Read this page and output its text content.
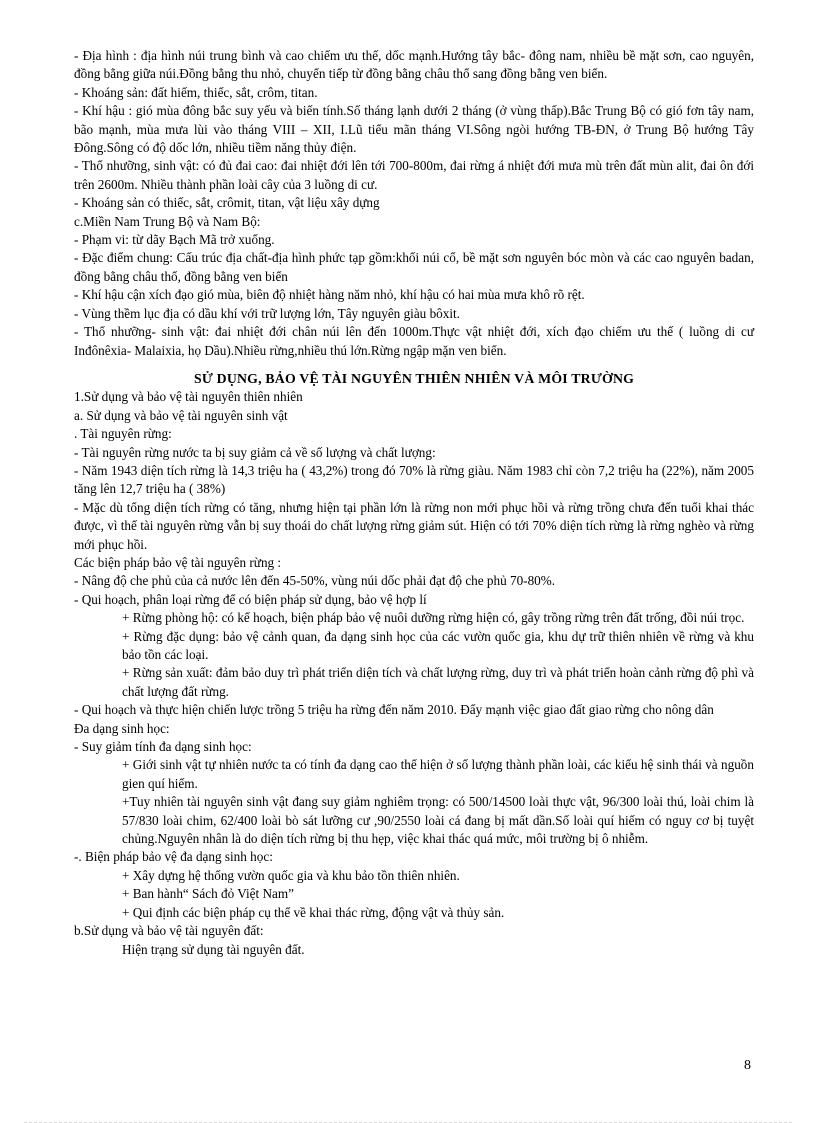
- Địa hình : địa hình núi trung bình và cao chiếm ưu thế, dốc mạnh.Hướng tây bắc- đông nam, nhiều bề mặt sơn, cao nguyên, đồng bằng giữa núi.Đồng bằng thu nhỏ, chuyển tiếp từ đồng bằng châu thổ sang đồng bằng ven biển.

- Khoáng sản: đất hiếm, thiếc, sắt, crôm, titan.

- Khí hậu : gió mùa đông bắc suy yếu và biến tính.Số tháng lạnh dưới 2 tháng (ở vùng thấp).Bắc Trung Bộ có gió fơn tây nam, bão mạnh, mùa mưa lùi vào tháng VIII – XII, I.Lũ tiểu mãn tháng VI.Sông ngòi hướng TB-ĐN, ở Trung Bộ hướng Tây Đông.Sông có độ dốc lớn, nhiều tiềm năng thủy điện.

- Thổ nhưỡng, sinh vật: có đủ đai cao: đai nhiệt đới lên tới 700-800m, đai rừng á nhiệt đới mưa mù trên đất mùn alit, đai ôn đới trên 2600m. Nhiều thành phần loài cây của 3 luồng di cư.

- Khoáng sản có thiếc, sắt, crômit, titan, vật liệu xây dựng

c.Miền Nam Trung Bộ và Nam Bộ:

- Phạm vi: từ dãy Bạch Mã trở xuống.

- Đặc điểm chung: Cấu trúc địa chất-địa hình phức tạp gồm:khối núi cổ, bề mặt sơn nguyên bóc mòn và các cao nguyên badan, đồng bằng châu thổ, đồng bằng ven biển

- Khí hậu cận xích đạo gió mùa, biên độ nhiệt hàng năm nhỏ, khí hậu có hai mùa mưa khô rõ rệt.

- Vùng thềm lục địa có dầu khí với trữ lượng lớn, Tây nguyên giàu bôxit.

- Thổ nhưỡng- sinh vật: đai nhiệt đới chân núi lên đến 1000m.Thực vật nhiệt đới, xích đạo chiếm ưu thế ( luồng di cư Inđônêxia- Malaixia, họ Dầu).Nhiều rừng,nhiều thú lớn.Rừng ngập mặn ven biển.

SỬ DỤNG, BẢO VỆ TÀI NGUYÊN THIÊN NHIÊN VÀ MÔI TRƯỜNG

1.Sử dụng và bảo vệ tài nguyên thiên nhiên

a. Sử dụng và bảo vệ tài nguyên sinh vật

. Tài nguyên rừng:

- Tài nguyên rừng nước ta bị suy giảm cả về số lượng và chất lượng:

- Năm 1943 diện tích rừng là 14,3 triệu ha ( 43,2%) trong đó 70% là rừng giàu. Năm 1983 chỉ còn 7,2 triệu ha (22%), năm 2005 tăng lên 12,7 triệu ha ( 38%)

- Mặc dù tổng diện tích rừng có tăng, nhưng hiện tại phần lớn là rừng non mới phục hồi và rừng trồng chưa đến tuổi khai thác được, vì thế tài nguyên rừng vẫn bị suy thoái do chất lượng rừng giảm sút. Hiện có tới 70% diện tích rừng là rừng nghèo và rừng mới phục hồi.

Các biện pháp bảo vệ tài nguyên rừng :

- Nâng độ che phủ của cả nước lên đến 45-50%, vùng núi dốc phải đạt độ che phủ 70-80%.

- Qui hoạch, phân loại rừng để có biện pháp sử dụng, bảo vệ hợp lí

+ Rừng phòng hộ: có kế hoạch, biện pháp bảo vệ nuôi dưỡng rừng hiện có, gây trồng rừng trên đất trống, đồi núi trọc.

+ Rừng đặc dụng: bảo vệ cảnh quan, đa dạng sinh học của các vườn quốc gia, khu dự trữ thiên nhiên về rừng và khu bảo tồn các loại.

+ Rừng sản xuất: đảm bảo duy trì phát triển diện tích và chất lượng rừng, duy trì và phát triển hoàn cảnh rừng độ phì và chất lượng đất rừng.

- Qui hoạch và thực hiện chiến lược trồng 5 triệu ha rừng đến năm 2010. Đẩy mạnh việc giao đất giao rừng cho nông dân

Đa dạng sinh học:

- Suy giảm tính đa dạng sinh học:

+ Giới sinh vật tự nhiên nước ta có tính đa dạng cao thể hiện ở số lượng thành phần loài, các kiểu hệ sinh thái và nguồn gien quí hiếm.

+Tuy nhiên tài nguyên sinh vật đang suy giảm nghiêm trọng: có 500/14500 loài thực vật, 96/300 loài thú, loài chim là 57/830 loài chim, 62/400 loài bò sát lưỡng cư ,90/2550 loài cá đang bị mất dần.Số loài quí hiếm có nguy cơ bị tuyệt chủng.Nguyên nhân là do diện tích rừng bị thu hẹp, việc khai thác quá mức, môi trường bị ô nhiễm.

-. Biện pháp bảo vệ đa dạng sinh học:

+ Xây dựng hệ thống vườn quốc gia và khu bảo tồn thiên nhiên.

+ Ban hành“ Sách đỏ Việt Nam”

+ Qui định các biện pháp cụ thể về khai thác rừng, động vật và thủy sản.

b.Sử dụng và bảo vệ tài nguyên đất:

Hiện trạng sử dụng tài nguyên đất.

8
